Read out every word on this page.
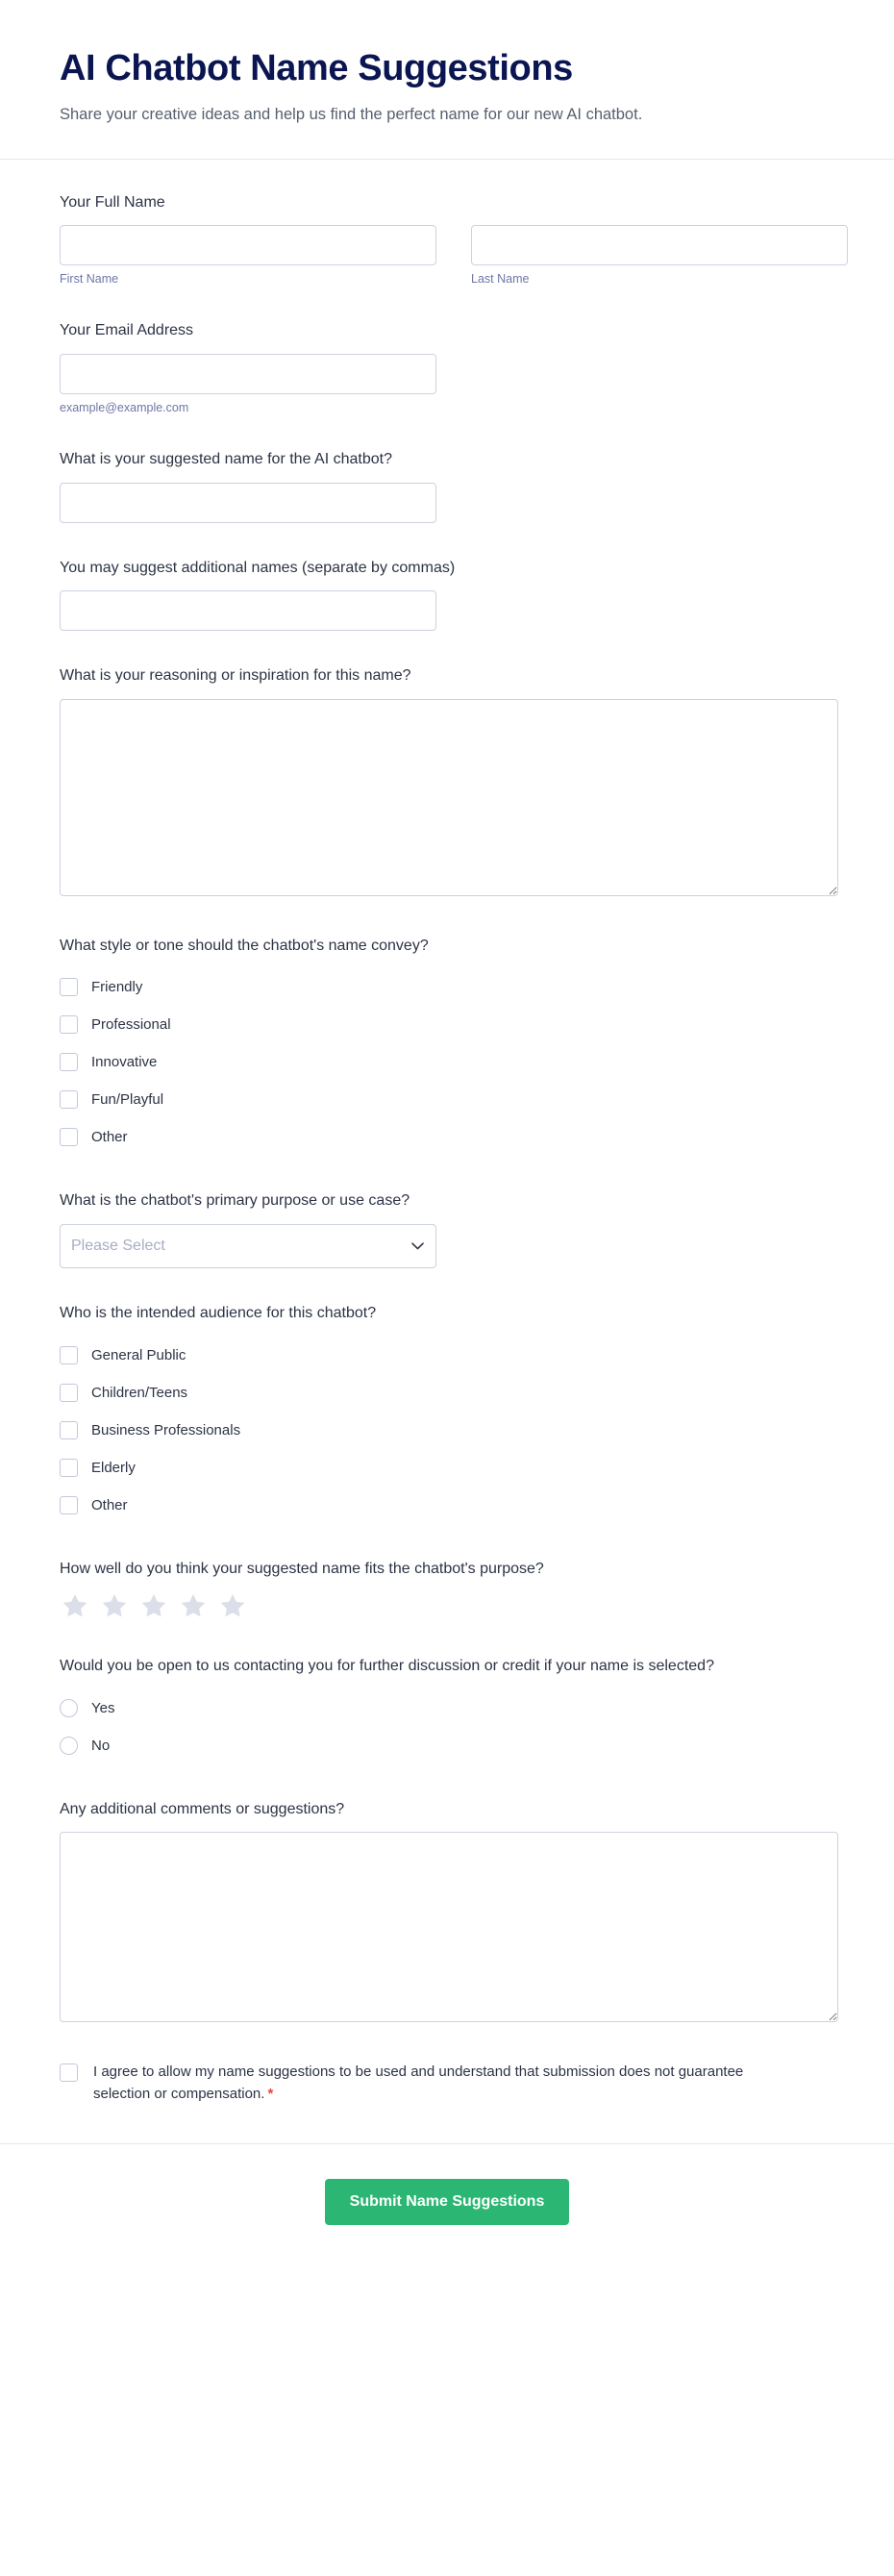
AI Chatbot Name Suggestions

Share your creative ideas and help us find the perfect name for our new AI chatbot.

Your Full Name
First Name	Last Name
Your Email Address
example@example.com
What is your suggested name for the AI chatbot?
You may suggest additional names (separate by commas)
What is your reasoning or inspiration for this name?
What style or tone should the chatbot's name convey?
Friendly
Professional
Innovative
Fun/Playful
Other
What is the chatbot's primary purpose or use case?
Please Select
Who is the intended audience for this chatbot?
General Public
Children/Teens
Business Professionals
Elderly
Other
How well do you think your suggested name fits the chatbot's purpose?
Would you be open to us contacting you for further discussion or credit if your name is selected?
Yes
No
Any additional comments or suggestions?
I agree to allow my name suggestions to be used and understand that submission does not guarantee selection or compensation. *
Submit Name Suggestions
